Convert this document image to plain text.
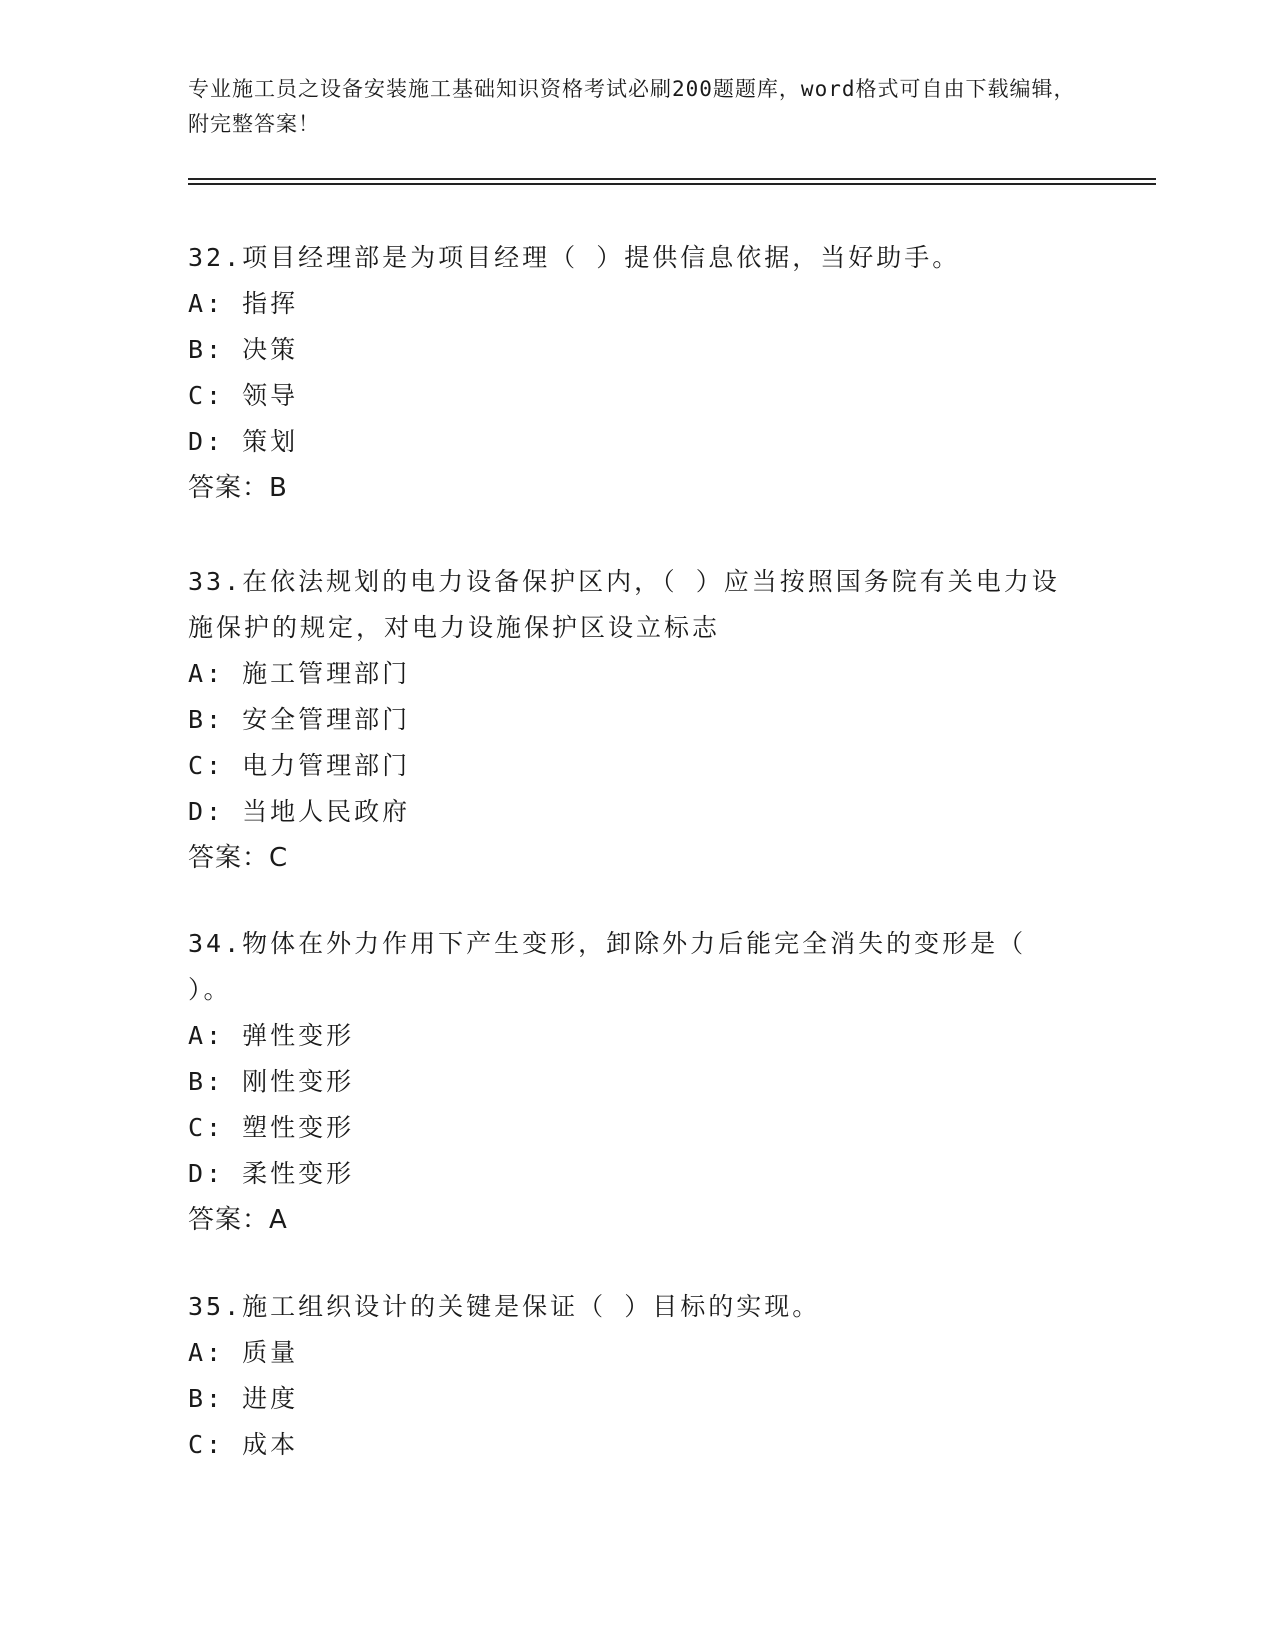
专业施工员之设备安装施工基础知识资格考试必刷200题题库，word格式可自由下载编辑，附完整答案！
32.项目经理部是为项目经理（ ）提供信息依据，当好助手。
A: 指挥
B: 决策
C: 领导
D: 策划
答案：B
33.在依法规划的电力设备保护区内，（ ）应当按照国务院有关电力设施保护的规定，对电力设施保护区设立标志
A: 施工管理部门
B: 安全管理部门
C: 电力管理部门
D: 当地人民政府
答案：C
34.物体在外力作用下产生变形，卸除外力后能完全消失的变形是（ ）。
A: 弹性变形
B: 刚性变形
C: 塑性变形
D: 柔性变形
答案：A
35.施工组织设计的关键是保证（ ）目标的实现。
A: 质量
B: 进度
C: 成本
